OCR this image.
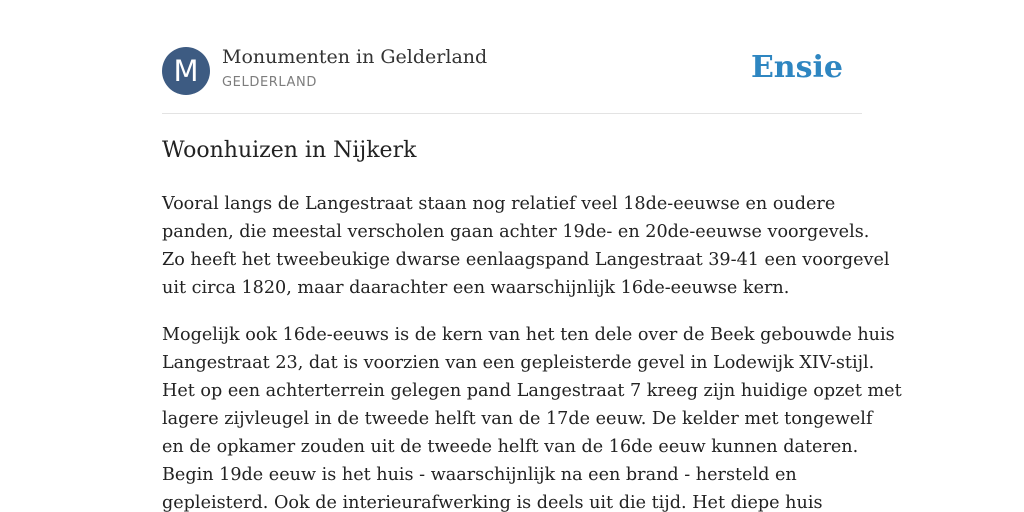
M	Monumenten in Gelderland
GELDERLAND	Ensie
Woonhuizen in Nijkerk

Vooral langs de Langestraat staan nog relatief veel 18de-eeuwse en oudere
panden, die meestal verscholen gaan achter 19de- en 20de-eeuwse voorgevels.
Zo heeft het tweebeukige dwarse eenlaagspand Langestraat 39-41 een voorgevel
uit circa 1820, maar daarachter een waarschijnlijk 16de-eeuwse kern.

Mogelijk ook 16de-eeuws is de kern van het ten dele over de Beek gebouwde huis
Langestraat 23, dat is voorzien van een gepleisterde gevel in Lodewijk XIV-stijl.
Het op een achterterrein gelegen pand Langestraat 7 kreeg zijn huidige opzet met
lagere zijvleugel in de tweede helft van de 17de eeuw. De kelder met tongewelf
en de opkamer zouden uit de tweede helft van de 16de eeuw kunnen dateren.
Begin 19de eeuw is het huis - waarschijnlijk na een brand - hersteld en
gepleisterd. Ook de interieurafwerking is deels uit die tijd. Het diepe huis
